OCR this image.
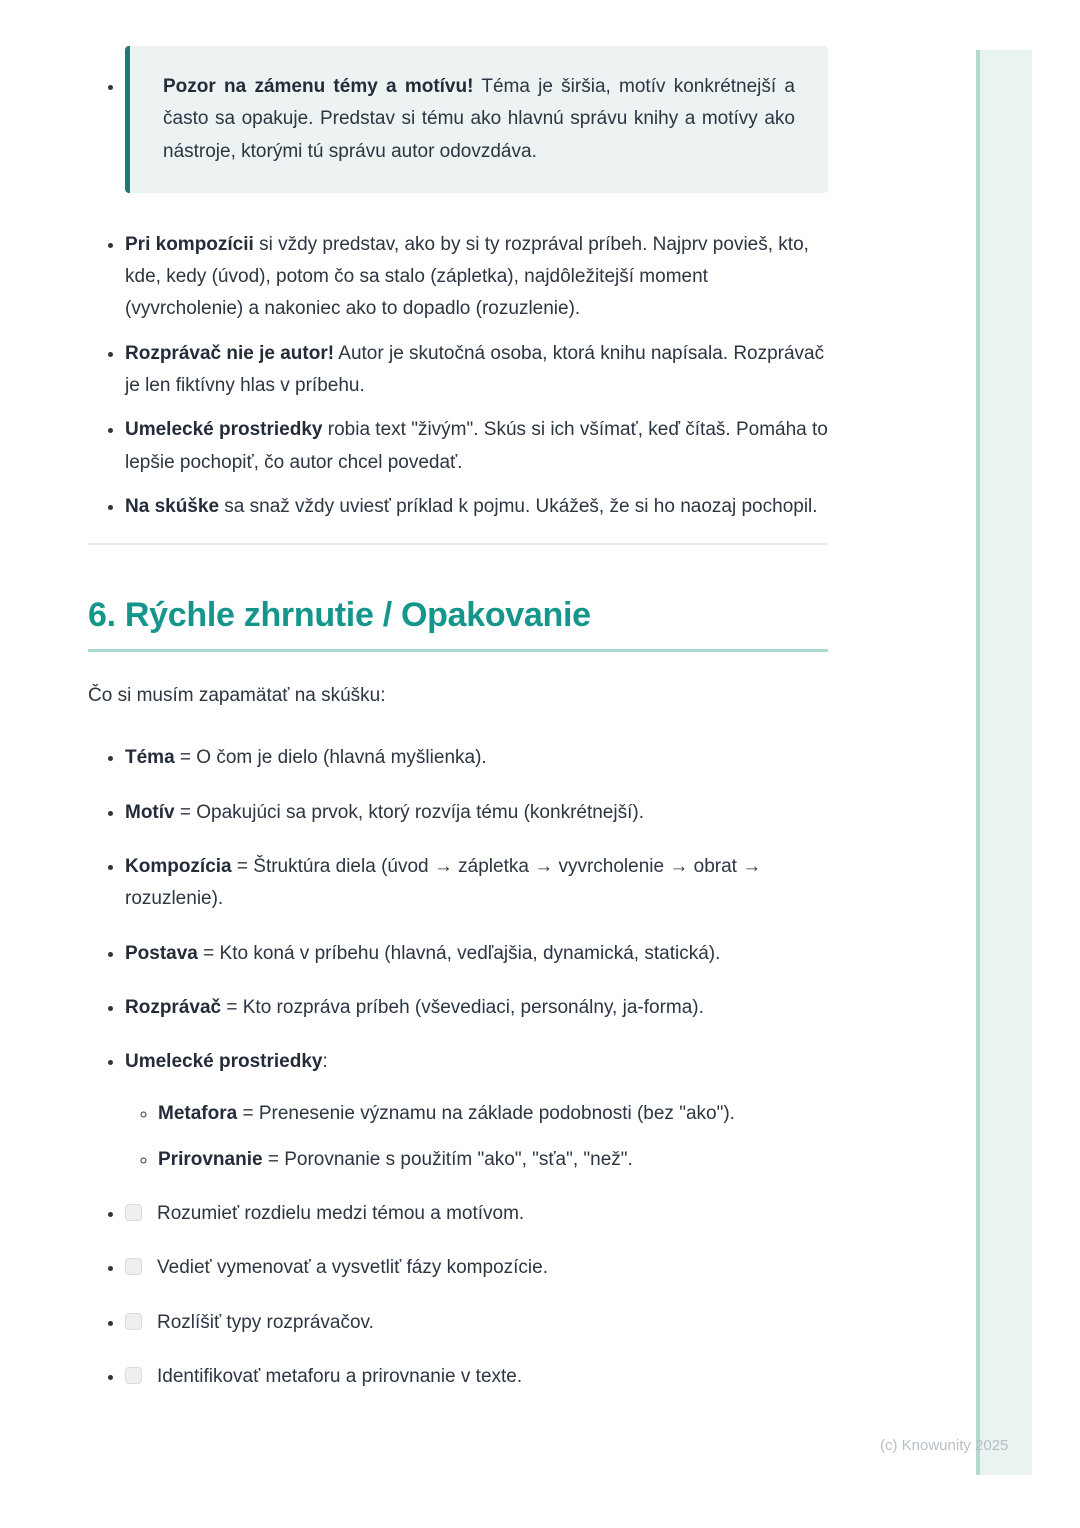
(c) Knowunity 2025
• Pozor na zámenu témy a motívu! Téma je širšia, motív konkrétnejší a často sa opakuje. Predstav si tému ako hlavnú správu knihy a motívy ako nástroje, ktorými tú správu autor odovzdáva.
• Pri kompozícii si vždy predstav, ako by si ty rozprával príbeh. Najprv povieš, kto, kde, kedy (úvod), potom čo sa stalo (zápletka), najdôležitejší moment (vyvrcholenie) a nakoniec ako to dopadlo (rozuzlenie).
• Rozprávač nie je autor! Autor je skutočná osoba, ktorá knihu napísala. Rozprávač je len fiktívny hlas v príbehu.
• Umelecké prostriedky robia text "živým". Skús si ich všímať, keď čítaš. Pomáha to lepšie pochopiť, čo autor chcel povedať.
• Na skúške sa snaž vždy uviesť príklad k pojmu. Ukážeš, že si ho naozaj pochopil.
6. Rýchle zhrnutie / Opakovanie

Čo si musím zapamätať na skúšku:

• Téma = O čom je dielo (hlavná myšlienka).
• Motív = Opakujúci sa prvok, ktorý rozvíja tému (konkrétnejší).
• Kompozícia = Štruktúra diela (úvod → zápletka → vyvrcholenie → obrat → rozuzlenie).
• Postava = Kto koná v príbehu (hlavná, vedľajšia, dynamická, statická).
• Rozprávač = Kto rozpráva príbeh (vševediaci, personálny, ja-forma).
• Umelecké prostriedky:
◦ Metafora = Prenesenie významu na základe podobnosti (bez "ako").
◦ Prirovnanie = Porovnanie s použitím "ako", "sťa", "než".
• Rozumieť rozdielu medzi témou a motívom.
• Vedieť vymenovať a vysvetliť fázy kompozície.
• Rozlíšiť typy rozprávačov.
• Identifikovať metaforu a prirovnanie v texte.
